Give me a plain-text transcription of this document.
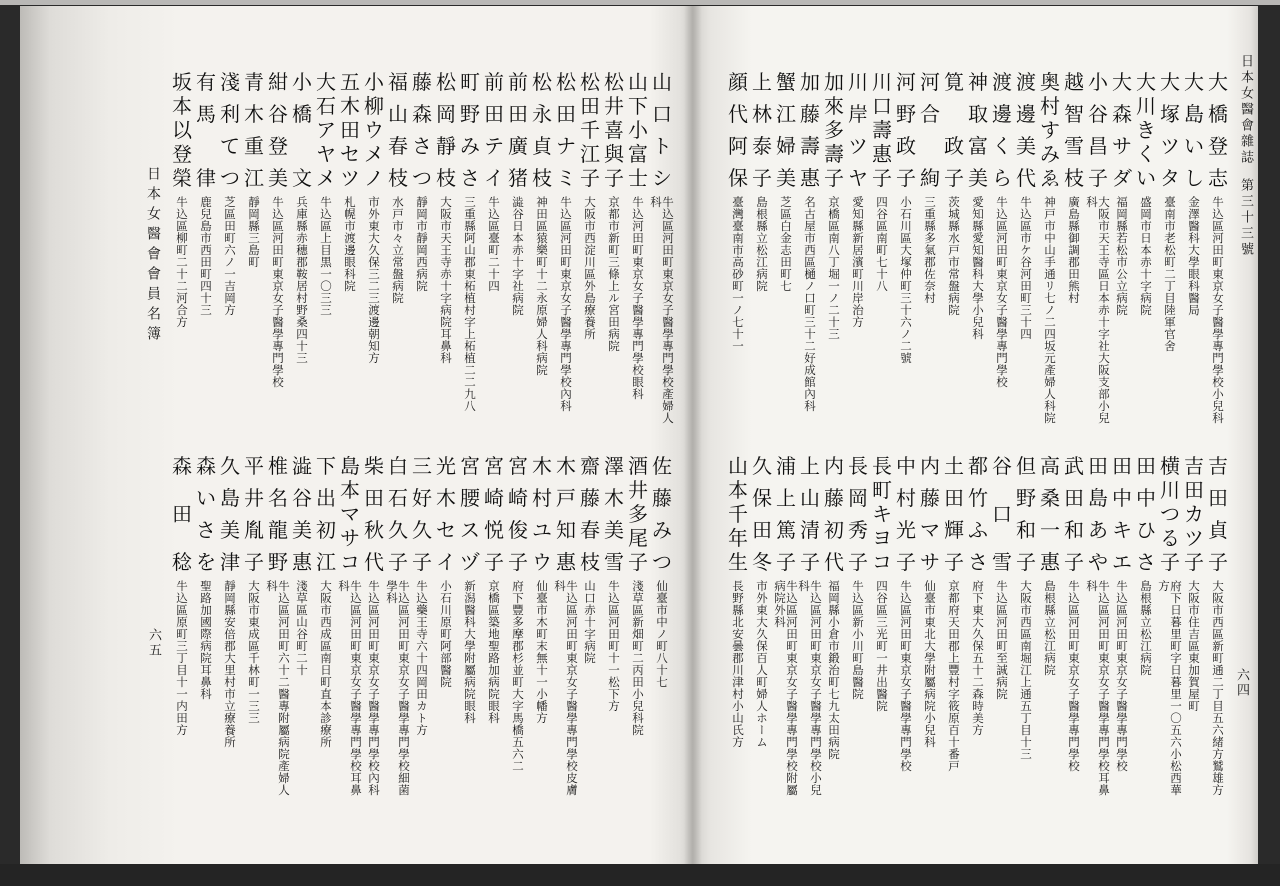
日本女醫會雜誌第三十三號
六四
日本女醫會會員名簿
六五
大
橋
登
志
牛込區河田町東京女子醫學專門學校小兒科
大
島
い
し
金澤醫科大學眼科醫局
大
塚
ツ
タ
臺南市老松町二丁目陸軍官舍
大
川
き
く
い
盛岡市日本赤十字病院
大
森
サ
ダ
福岡縣若松市公立病院
小
谷
昌
子
大阪市天王寺區日本赤十字社大阪支部小兒科
越
智
雪
枝
廣島縣御調郡田熊村
奥
村
す
み
ゑ
神戸市中山手通リ七ノ二四坂元產婦人科院
渡
邊
美
代
牛込區市ケ谷河田町三十四
渡
邊
く
ら
牛込區河田町東京女子醫學專門學校
神
取
富
美
愛知縣愛知醫科大學小兒科
筧

政
子
茨城縣水戸市常盤病院
河
合

絢
三重縣多氣郡佐奈村
河
野
政
子
小石川區大塚仲町三十六ノ二號
川
口
壽
惠
子
四谷區南町七十八
川
岸
ツ
ヤ
愛知縣新居濱町川岸治方
加
來
多
壽
子
京橋區南八丁堀一ノ二十三
加
藤
壽
惠
名古屋市西區樋ノ口町三十二好成館內科
蟹
江
婦
美
芝區白金志田町七
上
林
泰
子
島根縣立松江病院
顔
代
阿
保
臺灣臺南市高砂町一ノ七十一
吉
田
貞
子
大阪市西區新町通二丁目五六緒方鷲雄方
吉
田
カ
ツ
子
大阪市住吉區東加賀屋町
横
川
つ
る
子
府下日暮里町字日暮里一〇五六小松西華方
田
中
ひ
さ
島根縣立松江病院
田
中
キ
エ
牛込區河田町東京女子醫學專門學校
田
島
あ
や
牛込區河田町東京女子醫學專門學校耳鼻科
武
田
和
子
牛込區河田町東京女子醫學專門學校
高
桑
一
惠
島根縣立松江病院
但
野
和
子
大阪市西區南堀江上通五丁目十三
谷
口
雪
牛込區河田町至誠病院
都
竹
ふ
さ
府下東大久保五十二森時美方
土
田
輝
子
京都府天田郡上豐村字筱原百十番戸
内
藤
マ
サ
仙臺市東北大學附屬病院小兒科
中
村
光
子
牛込區河田町東京女子醫學專門學校
長
町
キ
ヨ
コ
四谷區三光町一井出醫院
長
岡
秀
子
牛込區新小川町島醫院
内
藤
初
代
福岡縣小倉市鍛治町七九太田病院
上
山
清
子
牛込區河田町東京女子醫學專門學校小兒科
浦
上
篤
子
牛込區河田町東京女子醫學專門學校附屬病院外科
久
保
田
冬
市外東大久保百人町婦人ホーム
山
本
千
年
生
長野縣北安曇郡川津村小山氏方
山
口
ト
シ
牛込區河田町東京女子醫學專門學校產婦人科
山
下
小
富
士
牛込河田町東京女子醫學專門學校眼科
松
井
喜
與
子
京都市新町三條上ル宮田病院
松
田
千
江
子
大阪市西淀川區外島療養所
松
田
ナ
ミ
牛込區河田町東京女子醫學專門學校內科
松
永
貞
枝
神田區猿樂町十二永原婦人科病院
前
田
廣
猪
澁谷日本赤十字社病院
前
田
テ
イ
牛込區臺町二十四
町
野
み
さ
三重縣阿山郡東柘植村字上柘植二二九八
松
岡
靜
枝
大阪市天王寺赤十字病院耳鼻科
藤
森
さ
つ
靜岡市靜岡西病院
福
山
春
枝
水戸市々立常盤病院
小
柳
ウ
メ
ノ
市外東大久保三二三渡邊朝知方
五
木
田
セ
ツ
札幌市渡邊眼科院
大
石
ア
ヤ
メ
牛込區上目黒一〇三三
小
橋

文
兵庫縣赤穗郡鞍居村野桑四十三
紺
谷
登
美
牛込區河田町東京女子醫學專門學校
青
木
重
江
靜岡縣三島町
淺
利
て
つ
芝區田町六ノ一吉岡方
有
馬

律
鹿兒島市西田町四十三
坂
本
以
登
榮
牛込區柳町二十二河合方
佐
藤
み
つ
仙臺市中ノ町八十七
酒
井
多
尾
子
淺草區新畑町二丙田小兒科院
澤
木
美
雪
牛込區河田町十一松下方
齋
藤
春
枝
山口赤十字病院
木
戸
知
惠
牛込區河田町東京女子醫學專門學校皮膚科
木
村
ユ
ウ
仙臺市木町末無十一小幡方
宮
崎
俊
子
府下豐多摩郡杉並町大字馬橋五六二
宮
崎
悦
子
京橋區築地聖路加病院眼科
宮
腰
ス
ヅ
新潟醫科大學附屬病院眼科
光
木
セ
イ
小石川原町阿部醫院
三
好
久
子
牛込藥王寺六十四岡田カト方
白
石
久
子
牛込區河田町東京女子醫學專門學校細菌學科
柴
田
秋
代
牛込區河田町東京女子醫學專門學校內科
島
本
マ
サ
コ
牛込區河田町東京女子醫學專門學校耳鼻科
下
出
初
江
大阪市西成區南日町直本診療所
澁
谷
美
惠
淺草區山谷町二十
椎
名
龍
野
牛込區河田町六十二醫專附屬病院產婦人科
平
井
胤
子
大阪市東成區千林町一三三
久
島
美
津
靜岡縣安倍郡大里村市立療養所
森
い
さ
を
聖路加國際病院耳鼻科
森
田
稔
牛込區原町三丁目十一内田方
